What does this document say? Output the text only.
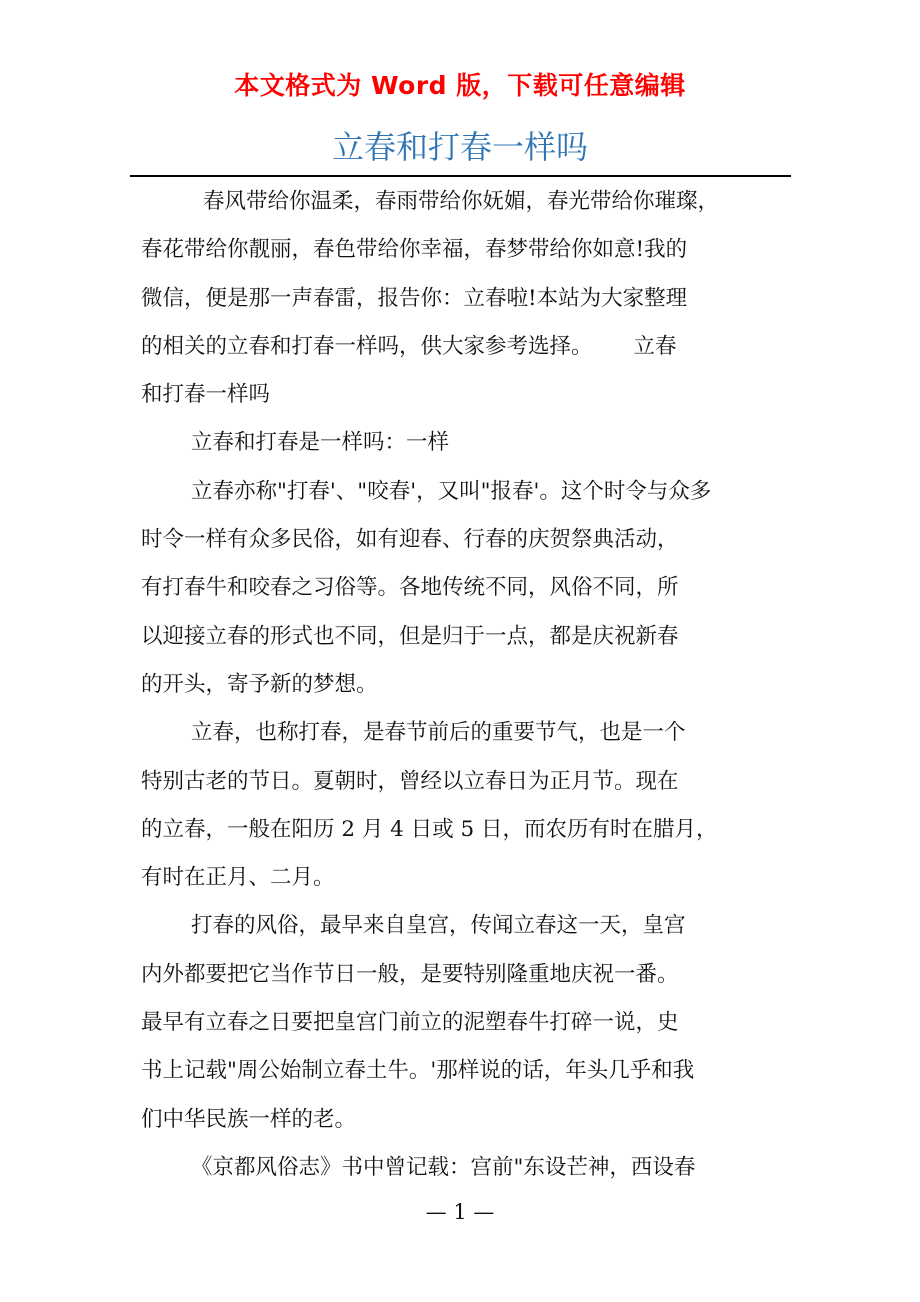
本文格式为 Word 版，下载可任意编辑
立春和打春一样吗
春风带给你温柔，春雨带给你妩媚，春光带给你璀璨，
春花带给你靓丽，春色带给你幸福，春梦带给你如意!我的
微信，便是那一声春雷，报告你：立春啦!本站为大家整理
的相关的立春和打春一样吗，供大家参考选择。      立春
和打春一样吗
立春和打春是一样吗：一样
立春亦称"打春'、"咬春'，又叫"报春'。这个时令与众多
时令一样有众多民俗，如有迎春、行春的庆贺祭典活动，
有打春牛和咬春之习俗等。各地传统不同，风俗不同，所
以迎接立春的形式也不同，但是归于一点，都是庆祝新春
的开头，寄予新的梦想。
立春，也称打春，是春节前后的重要节气，也是一个
特别古老的节日。夏朝时，曾经以立春日为正月节。现在
的立春，一般在阳历 2 月 4 日或 5 日，而农历有时在腊月，
有时在正月、二月。
打春的风俗，最早来自皇宫，传闻立春这一天，皇宫
内外都要把它当作节日一般，是要特别隆重地庆祝一番。
最早有立春之日要把皇宫门前立的泥塑春牛打碎一说，史
书上记载"周公始制立春土牛。'那样说的话，年头几乎和我
们中华民族一样的老。
《京都风俗志》书中曾记载：宫前"东设芒神，西设春
— 1 —
